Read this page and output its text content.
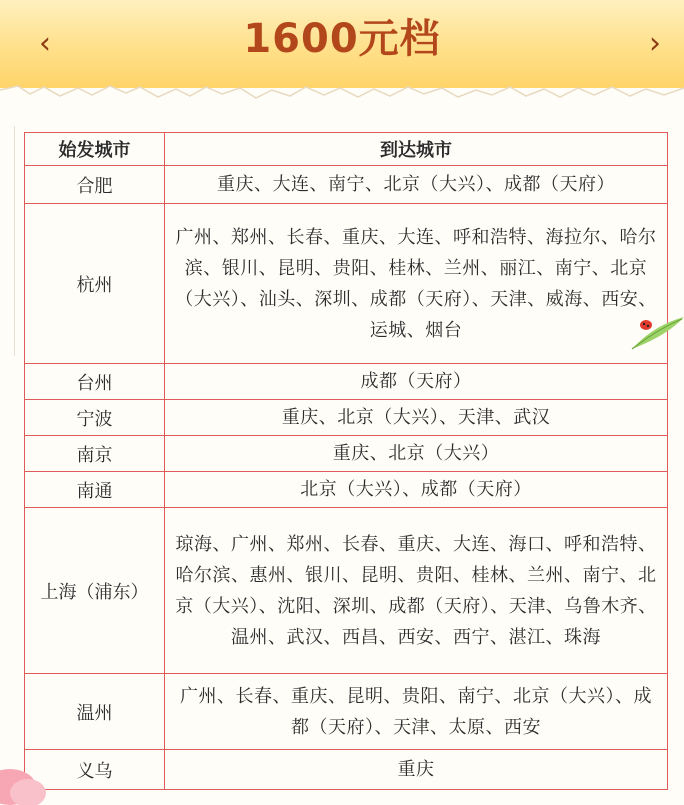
‹	1600元档	›
始发城市	到达城市
合肥	重庆、大连、南宁、北京（大兴）、成都（天府）
杭州	广州、郑州、长春、重庆、大连、呼和浩特、海拉尔、哈尔滨、银川、昆明、贵阳、桂林、兰州、丽江、南宁、北京（大兴）、汕头、深圳、成都（天府）、天津、威海、西安、运城、烟台
台州	成都（天府）
宁波	重庆、北京（大兴）、天津、武汉
南京	重庆、北京（大兴）
南通	北京（大兴）、成都（天府）
上海（浦东）	琼海、广州、郑州、长春、重庆、大连、海口、呼和浩特、哈尔滨、惠州、银川、昆明、贵阳、桂林、兰州、南宁、北京（大兴）、沈阳、深圳、成都（天府）、天津、乌鲁木齐、温州、武汉、西昌、西安、西宁、湛江、珠海
温州	广州、长春、重庆、昆明、贵阳、南宁、北京（大兴）、成都（天府）、天津、太原、西安
义乌	重庆
